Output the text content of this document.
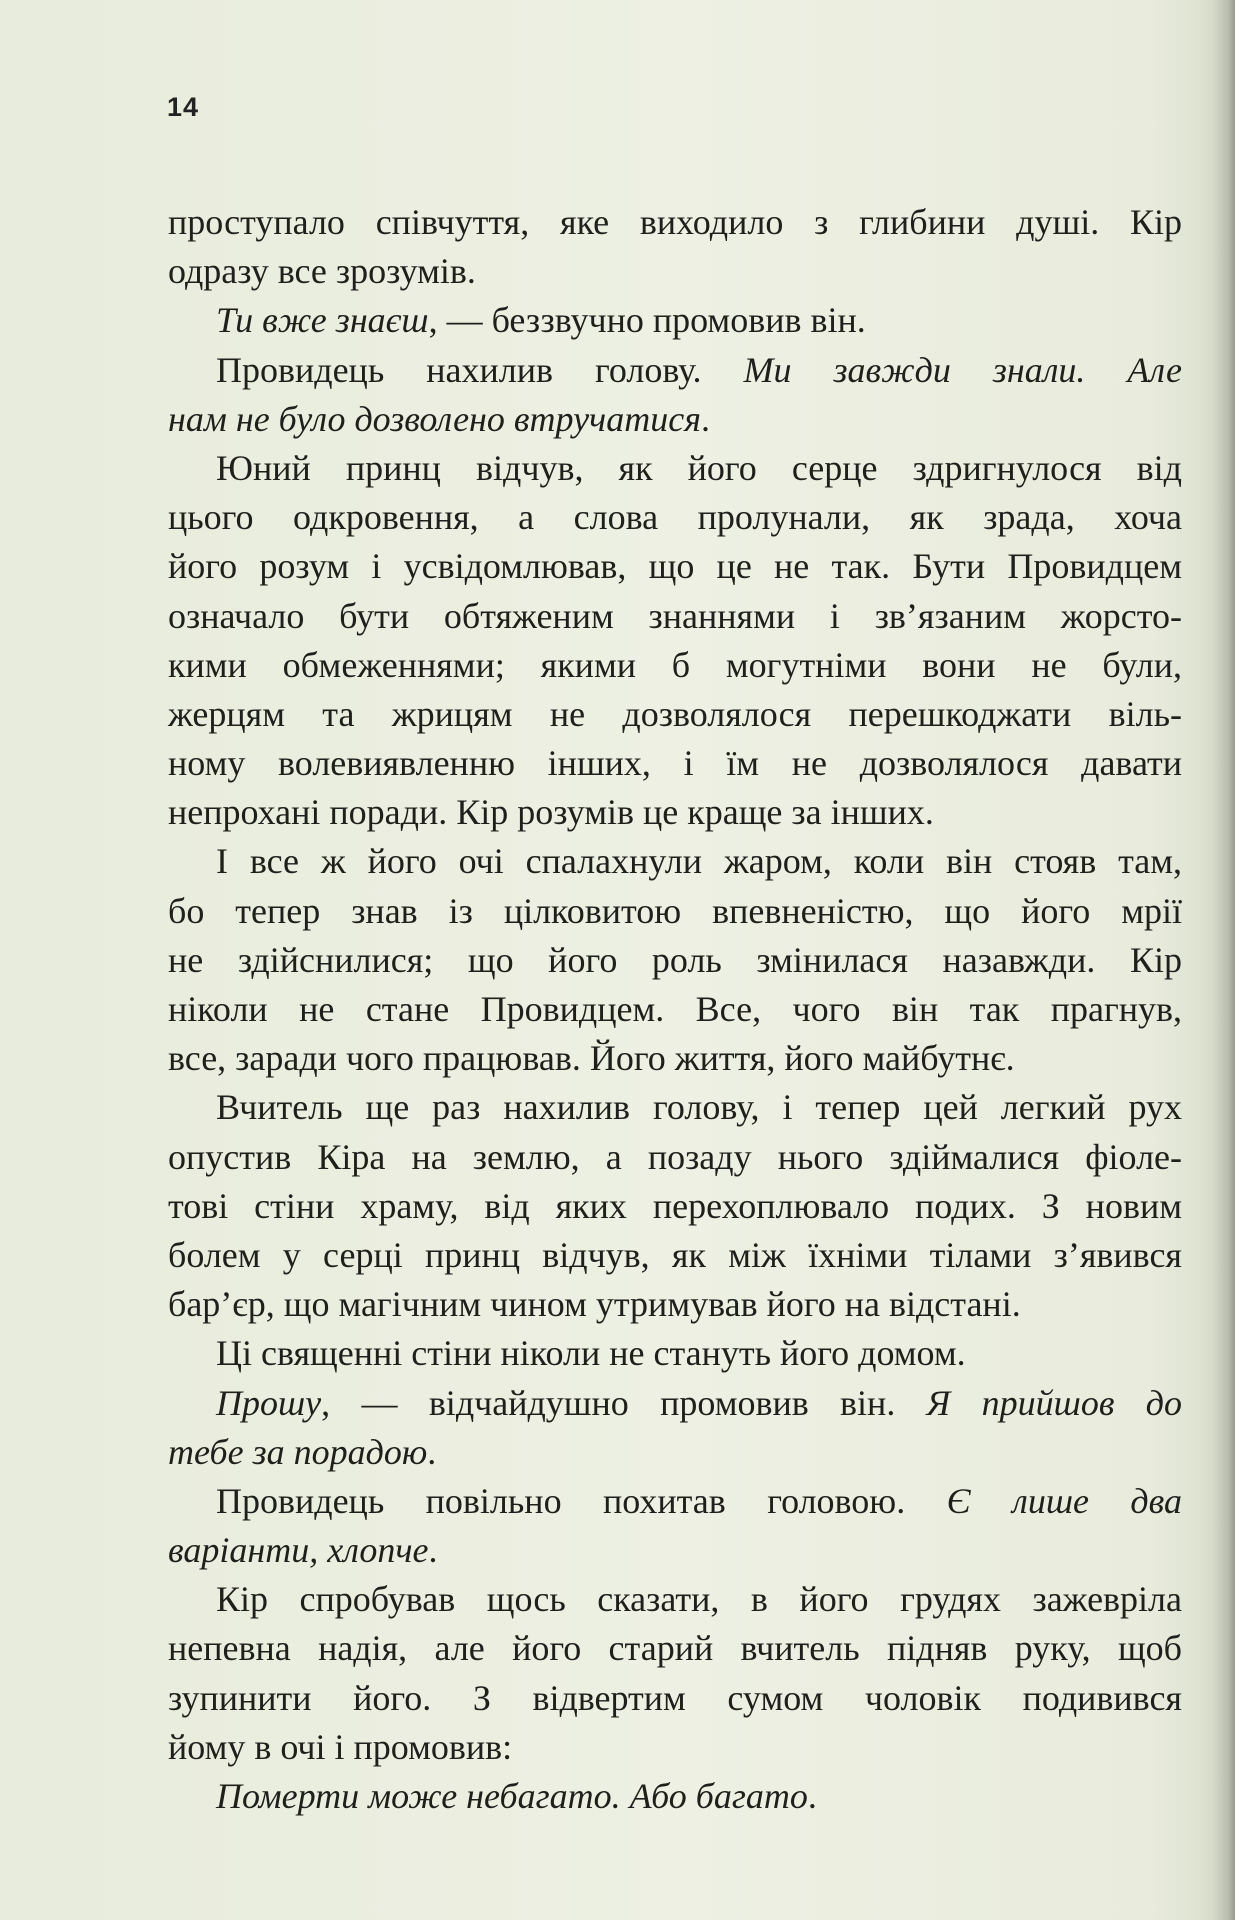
14
проступало співчуття, яке виходило з глибини душі. Кір
одразу все зрозумів.
Ти вже знаєш, — беззвучно промовив він.
Провидець нахилив голову. Ми завжди знали. Але
нам не було дозволено втручатися.
Юний принц відчув, як його серце здригнулося від
цього одкровення, а слова пролунали, як зрада, хоча
його розум і усвідомлював, що це не так. Бути Провидцем
означало бути обтяженим знаннями і зв’язаним жорсто-
кими обмеженнями; якими б могутніми вони не були,
жерцям та жрицям не дозволялося перешкоджати віль-
ному волевиявленню інших, і їм не дозволялося давати
непрохані поради. Кір розумів це краще за інших.
І все ж його очі спалахнули жаром, коли він стояв там,
бо тепер знав із цілковитою впевненістю, що його мрії
не здійснилися; що його роль змінилася назавжди. Кір
ніколи не стане Провидцем. Все, чого він так прагнув,
все, заради чого працював. Його життя, його майбутнє.
Вчитель ще раз нахилив голову, і тепер цей легкий рух
опустив Кіра на землю, а позаду нього здіймалися фіоле-
тові стіни храму, від яких перехоплювало подих. З новим
болем у серці принц відчув, як між їхніми тілами з’явився
бар’єр, що магічним чином утримував його на відстані.
Ці священні стіни ніколи не стануть його домом.
Прошу, — відчайдушно промовив він. Я прийшов до
тебе за порадою.
Провидець повільно похитав головою. Є лише два
варіанти, хлопче.
Кір спробував щось сказати, в його грудях зажевріла
непевна надія, але його старий вчитель підняв руку, щоб
зупинити його. З відвертим сумом чоловік подивився
йому в очі і промовив:
Померти може небагато. Або багато.
